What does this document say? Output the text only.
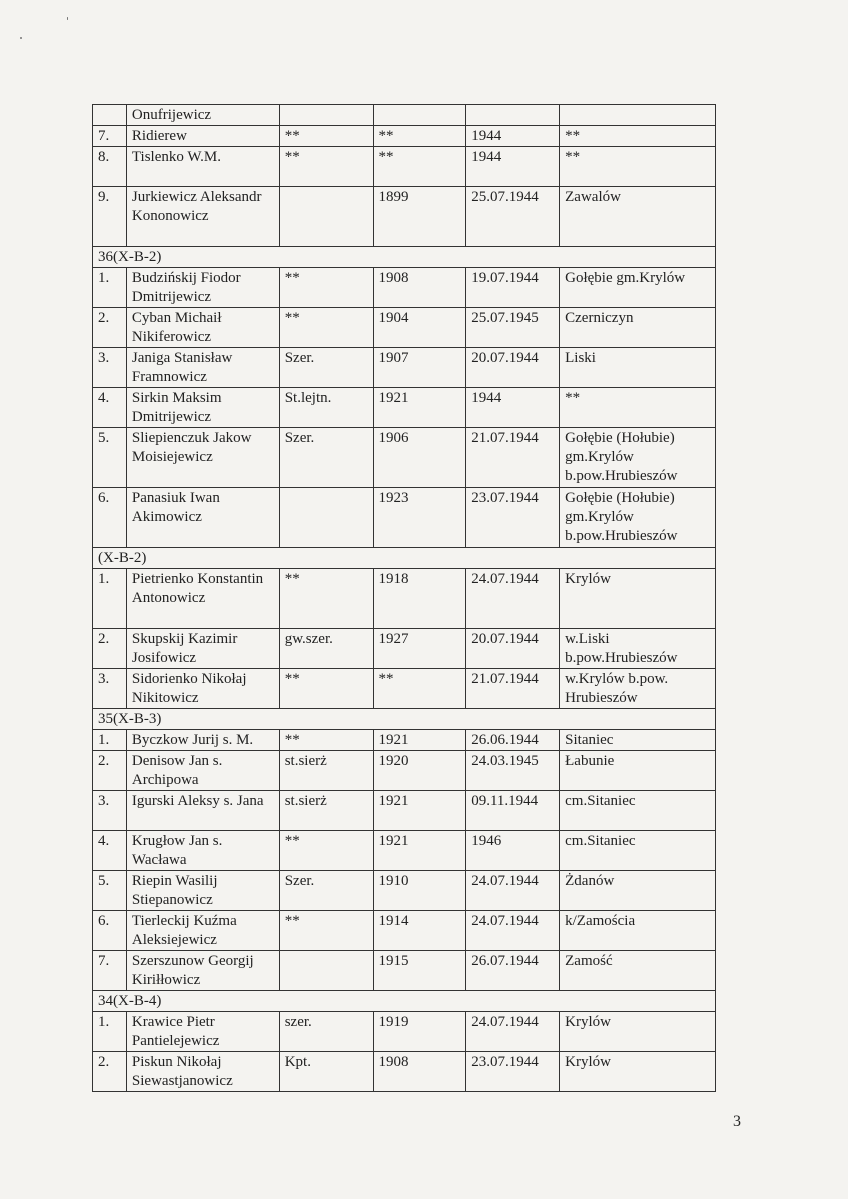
	Onufrijewicz				
7.	Ridierew	**	**	1944	**
8.	Tislenko W.M.	**	**	1944	**
9.	Jurkiewicz Aleksandr Kononowicz		1899	25.07.1944	Zawalów
36(X-B-2)					
1.	Budzińskij Fiodor Dmitrijewicz	**	1908	19.07.1944	Gołębie gm.Krylów
2.	Cyban Michaił Nikiferowicz	**	1904	25.07.1945	Czerniczyn
3.	Janiga Stanisław Framnowicz	Szer.	1907	20.07.1944	Liski
4.	Sirkin Maksim Dmitrijewicz	St.lejtn.	1921	1944	**
5.	Sliepienczuk Jakow Moisiejewicz	Szer.	1906	21.07.1944	Gołębie (Hołubie) gm.Krylów b.pow.Hrubieszów
6.	Panasiuk Iwan Akimowicz		1923	23.07.1944	Gołębie (Hołubie) gm.Krylów b.pow.Hrubieszów
(X-B-2)					
1.	Pietrienko Konstantin Antonowicz	**	1918	24.07.1944	Krylów
2.	Skupskij Kazimir Josifowicz	gw.szer.	1927	20.07.1944	w.Liski b.pow.Hrubieszów
3.	Sidorienko Nikołaj Nikitowicz	**	**	21.07.1944	w.Krylów b.pow. Hrubieszów
35(X-B-3)					
1.	Byczkow Jurij s. M.	**	1921	26.06.1944	Sitaniec
2.	Denisow Jan s. Archipowa	st.sierż	1920	24.03.1945	Łabunie
3.	Igurski Aleksy s. Jana	st.sierż	1921	09.11.1944	cm.Sitaniec
4.	Krugłow Jan s. Wacława	**	1921	1946	cm.Sitaniec
5.	Riepin Wasilij Stiepanowicz	Szer.	1910	24.07.1944	Żdanów
6.	Tierleckij Kuźma Aleksiejewicz	**	1914	24.07.1944	k/Zamościa
7.	Szerszunow Georgij Kiriłłowicz		1915	26.07.1944	Zamość
34(X-B-4)					
1.	Krawice Pietr Pantielejewicz	szer.	1919	24.07.1944	Krylów
2.	Piskun Nikołaj Siewastjanowicz	Kpt.	1908	23.07.1944	Krylów
3
